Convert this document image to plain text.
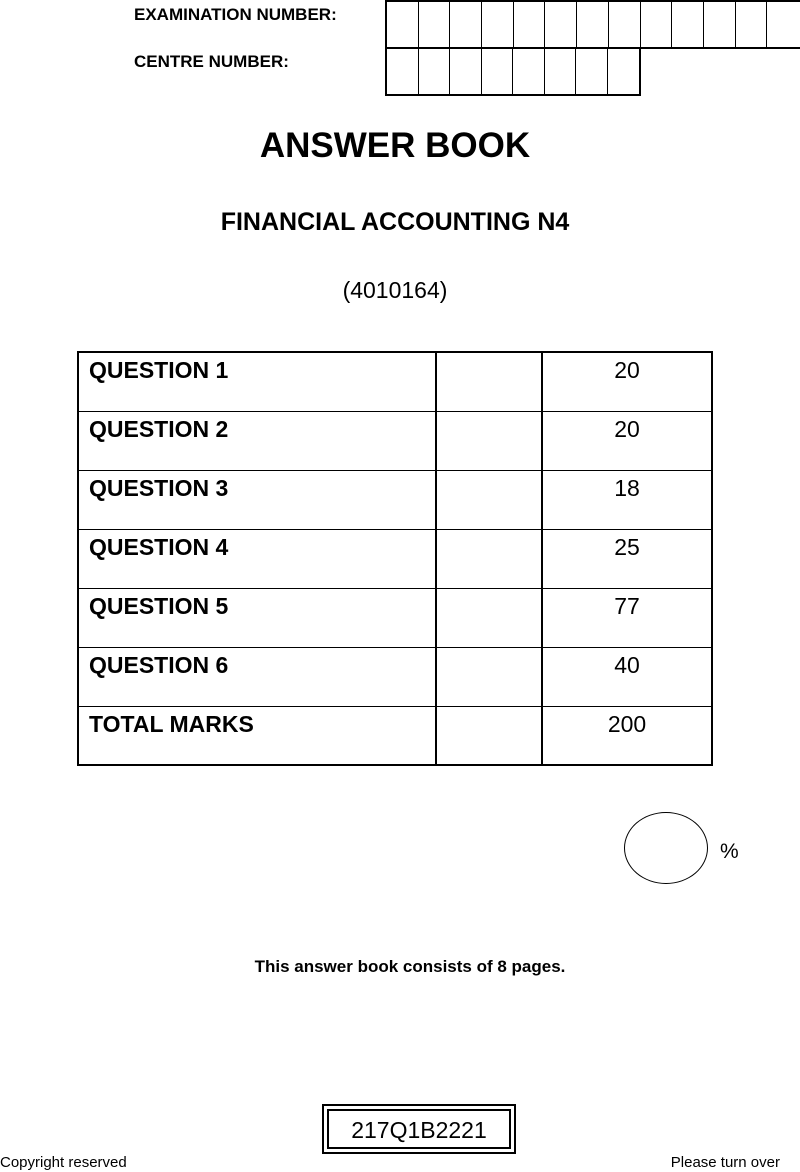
EXAMINATION NUMBER:
CENTRE NUMBER:
ANSWER BOOK
FINANCIAL ACCOUNTING N4
(4010164)
QUESTION 1		20
QUESTION 2		20
QUESTION 3		18
QUESTION 4		25
QUESTION 5		77
QUESTION 6		40
TOTAL MARKS		200
%
This answer book consists of 8 pages.
217Q1B2221
Copyright reserved	Please turn over
